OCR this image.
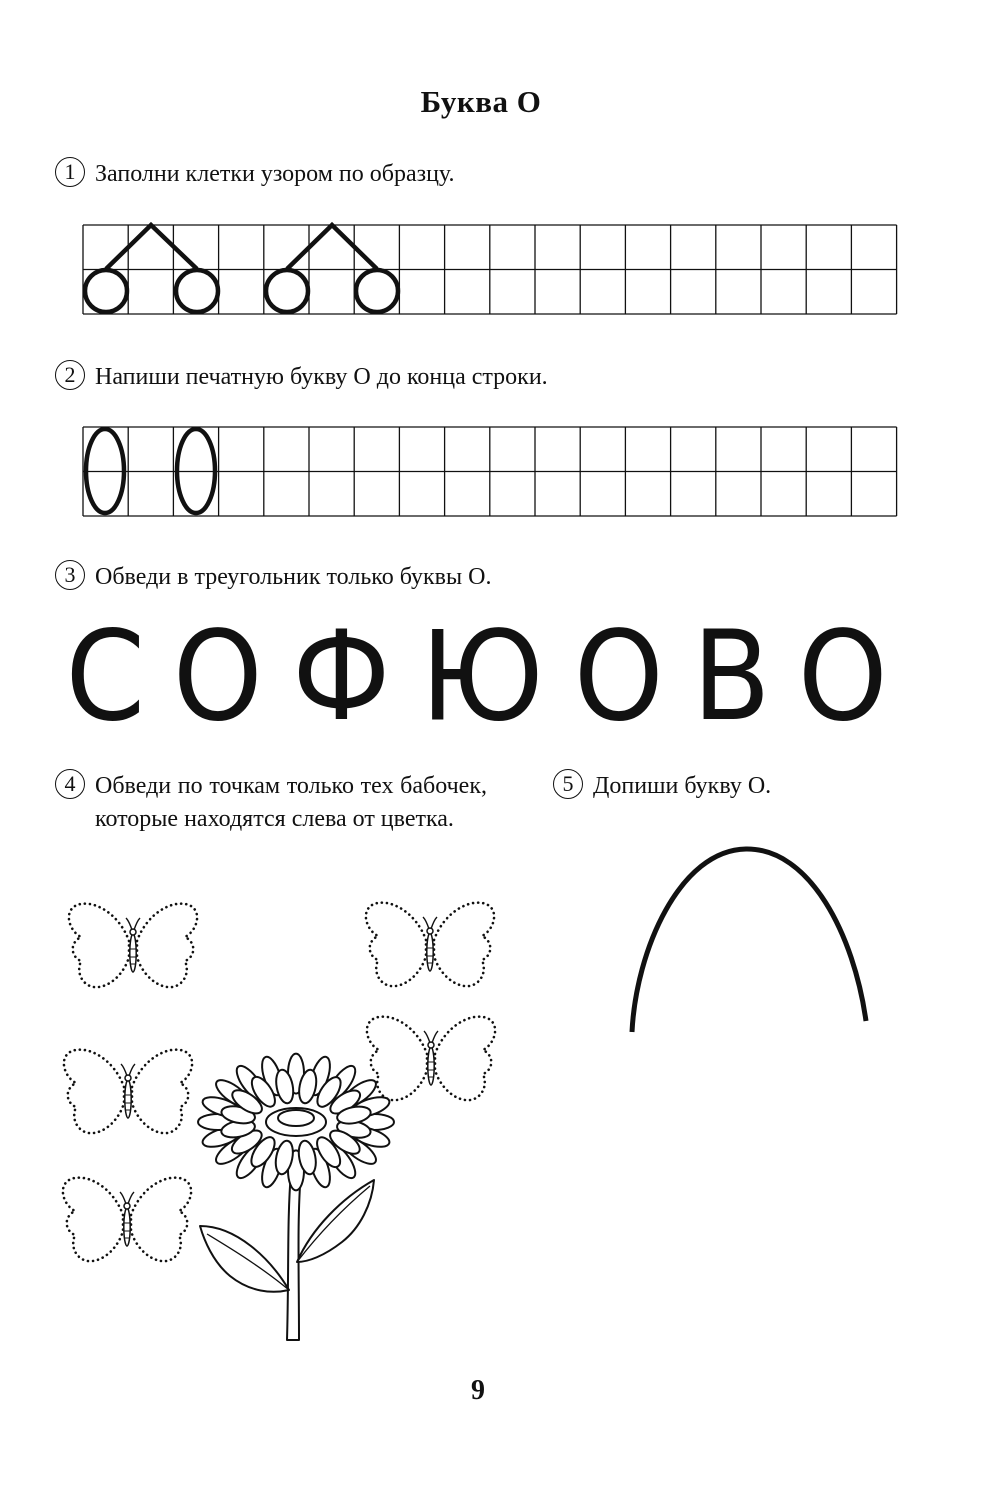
Буква О
1 Заполни клетки узором по образцу.
2 Напиши печатную букву О до конца строки.
3 Обведи в треугольник только буквы О.
С О Ф Ю О В О
4 Обведи по точкам только тех бабочек, которые находятся слева от цветка.
5 Допиши букву О.
9
